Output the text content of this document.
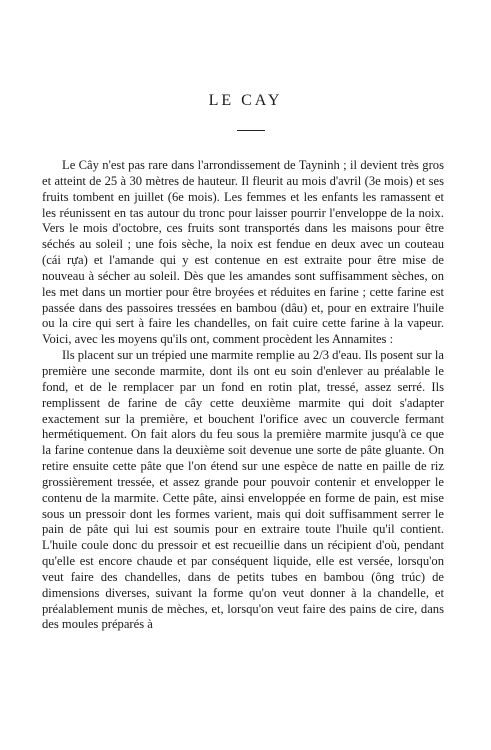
LE CAY

Le Cây n'est pas rare dans l'arrondissement de Tayninh ; il devient très gros et atteint de 25 à 30 mètres de hauteur. Il fleurit au mois d'avril (3e mois) et ses fruits tombent en juillet (6e mois). Les femmes et les enfants les ramassent et les réunissent en tas autour du tronc pour laisser pourrir l'enveloppe de la noix. Vers le mois d'octobre, ces fruits sont transportés dans les maisons pour être séchés au soleil ; une fois sèche, la noix est fendue en deux avec un couteau (cái rựa) et l'amande qui y est contenue en est extraite pour être mise de nouveau à sécher au soleil. Dès que les amandes sont suffisamment sèches, on les met dans un mortier pour être broyées et réduites en farine ; cette farine est passée dans des passoires tressées en bambou (dâu) et, pour en extraire l'huile ou la cire qui sert à faire les chandelles, on fait cuire cette farine à la vapeur. Voici, avec les moyens qu'ils ont, comment procèdent les Annamites :

Ils placent sur un trépied une marmite remplie au 2/3 d'eau. Ils posent sur la première une seconde marmite, dont ils ont eu soin d'enlever au préalable le fond, et de le remplacer par un fond en rotin plat, tressé, assez serré. Ils remplissent de farine de cây cette deuxième marmite qui doit s'adapter exactement sur la première, et bouchent l'orifice avec un couvercle fermant hermétiquement. On fait alors du feu sous la première marmite jusqu'à ce que la farine contenue dans la deuxième soit devenue une sorte de pâte gluante. On retire ensuite cette pâte que l'on étend sur une espèce de natte en paille de riz grossièrement tressée, et assez grande pour pouvoir contenir et envelopper le contenu de la marmite. Cette pâte, ainsi enveloppée en forme de pain, est mise sous un pressoir dont les formes varient, mais qui doit suffisamment serrer le pain de pâte qui lui est soumis pour en extraire toute l'huile qu'il contient. L'huile coule donc du pressoir et est recueillie dans un récipient d'où, pendant qu'elle est encore chaude et par conséquent liquide, elle est versée, lorsqu'on veut faire des chandelles, dans de petits tubes en bambou (ông trúc) de dimensions diverses, suivant la forme qu'on veut donner à la chandelle, et préalablement munis de mèches, et, lorsqu'on veut faire des pains de cire, dans des moules préparés à
